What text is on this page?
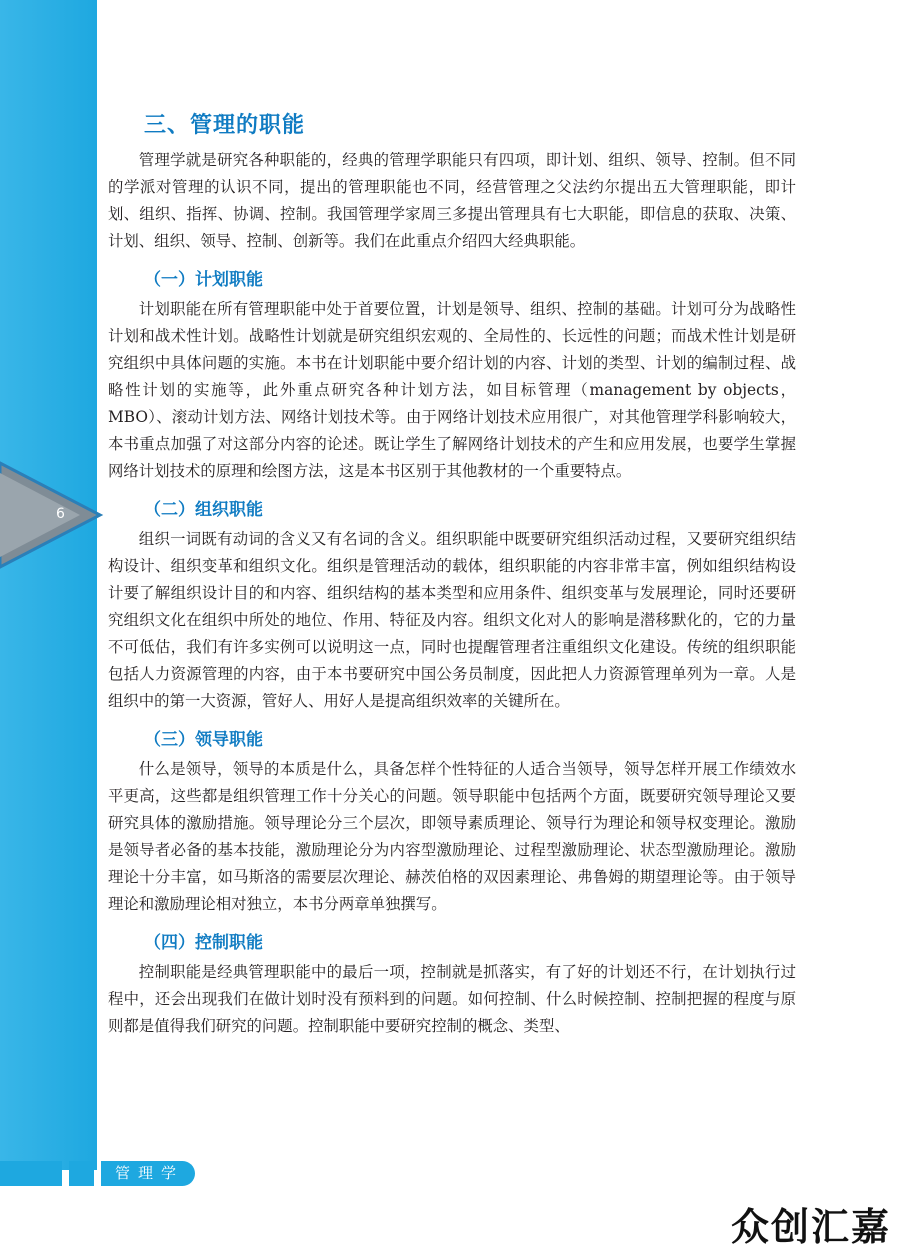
6
三、管理的职能

管理学就是研究各种职能的，经典的管理学职能只有四项，即计划、组织、领导、控制。但不同的学派对管理的认识不同，提出的管理职能也不同，经营管理之父法约尔提出五大管理职能，即计划、组织、指挥、协调、控制。我国管理学家周三多提出管理具有七大职能，即信息的获取、决策、计划、组织、领导、控制、创新等。我们在此重点介绍四大经典职能。

（一）计划职能

计划职能在所有管理职能中处于首要位置，计划是领导、组织、控制的基础。计划可分为战略性计划和战术性计划。战略性计划就是研究组织宏观的、全局性的、长远性的问题；而战术性计划是研究组织中具体问题的实施。本书在计划职能中要介绍计划的内容、计划的类型、计划的编制过程、战略性计划的实施等，此外重点研究各种计划方法，如目标管理（management by objects，MBO）、滚动计划方法、网络计划技术等。由于网络计划技术应用很广，对其他管理学科影响较大，本书重点加强了对这部分内容的论述。既让学生了解网络计划技术的产生和应用发展，也要学生掌握网络计划技术的原理和绘图方法，这是本书区别于其他教材的一个重要特点。

（二）组织职能

组织一词既有动词的含义又有名词的含义。组织职能中既要研究组织活动过程，又要研究组织结构设计、组织变革和组织文化。组织是管理活动的载体，组织职能的内容非常丰富，例如组织结构设计要了解组织设计目的和内容、组织结构的基本类型和应用条件、组织变革与发展理论，同时还要研究组织文化在组织中所处的地位、作用、特征及内容。组织文化对人的影响是潜移默化的，它的力量不可低估，我们有许多实例可以说明这一点，同时也提醒管理者注重组织文化建设。传统的组织职能包括人力资源管理的内容，由于本书要研究中国公务员制度，因此把人力资源管理单列为一章。人是组织中的第一大资源，管好人、用好人是提高组织效率的关键所在。

（三）领导职能

什么是领导，领导的本质是什么，具备怎样个性特征的人适合当领导，领导怎样开展工作绩效水平更高，这些都是组织管理工作十分关心的问题。领导职能中包括两个方面，既要研究领导理论又要研究具体的激励措施。领导理论分三个层次，即领导素质理论、领导行为理论和领导权变理论。激励是领导者必备的基本技能，激励理论分为内容型激励理论、过程型激励理论、状态型激励理论。激励理论十分丰富，如马斯洛的需要层次理论、赫茨伯格的双因素理论、弗鲁姆的期望理论等。由于领导理论和激励理论相对独立，本书分两章单独撰写。

（四）控制职能

控制职能是经典管理职能中的最后一项，控制就是抓落实，有了好的计划还不行，在计划执行过程中，还会出现我们在做计划时没有预料到的问题。如何控制、什么时候控制、控制把握的程度与原则都是值得我们研究的问题。控制职能中要研究控制的概念、类型、

管理学
众创汇嘉
